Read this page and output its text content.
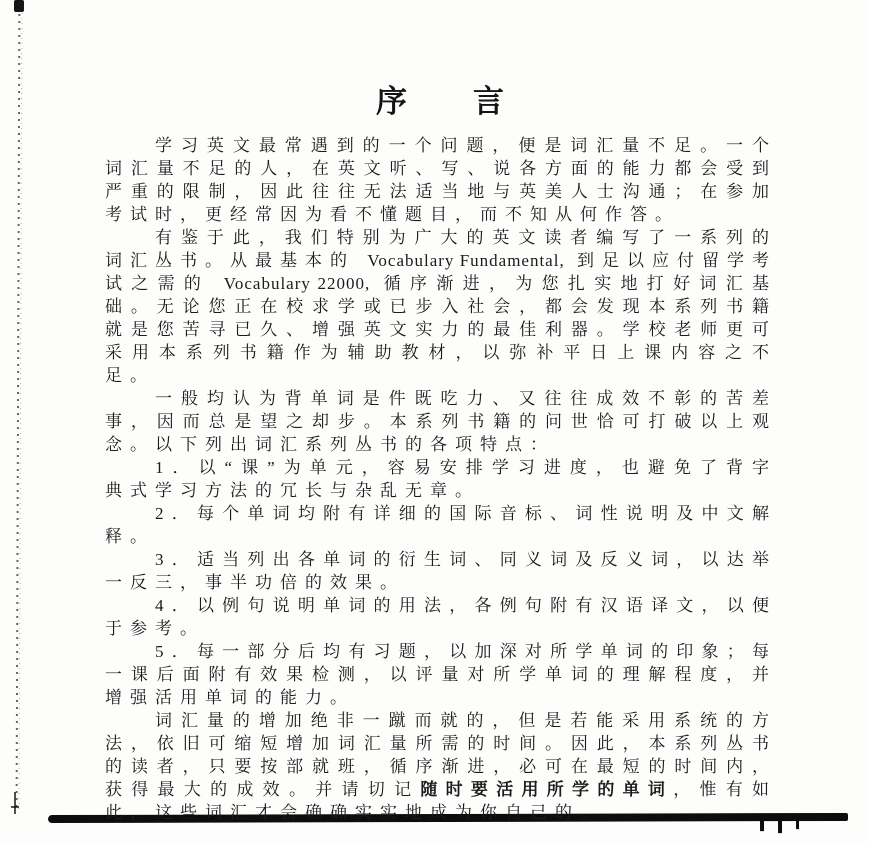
序 言

学习英文最常遇到的一个问题，便是词汇量不足。一个词汇量不足的人，在英文听、写、说各方面的能力都会受到严重的限制，因此往往无法适当地与英美人士沟通；在参加考试时，更经常因为看不懂题目，而不知从何作答。

有鉴于此，我们特别为广大的英文读者编写了一系列的词汇丛书。从最基本的 Vocabulary Fundamental, 到足以应付留学考试之需的 Vocabulary 22000, 循序渐进，为您扎实地打好词汇基础。无论您正在校求学或已步入社会，都会发现本系列书籍就是您苦寻已久、增强英文实力的最佳利器。学校老师更可采用本系列书籍作为辅助教材，以弥补平日上课内容之不足。

一般均认为背单词是件既吃力、又往往成效不彰的苦差事，因而总是望之却步。本系列书籍的问世恰可打破以上观念。以下列出词汇系列丛书的各项特点：

1．以“课”为单元，容易安排学习进度，也避免了背字典式学习方法的冗长与杂乱无章。

2．每个单词均附有详细的国际音标、词性说明及中文解释。

3．适当列出各单词的衍生词、同义词及反义词，以达举一反三，事半功倍的效果。

4．以例句说明单词的用法，各例句附有汉语译文，以便于参考。

5．每一部分后均有习题，以加深对所学单词的印象；每一课后面附有效果检测，以评量对所学单词的理解程度，并增强活用单词的能力。

词汇量的增加绝非一蹴而就的，但是若能采用系统的方法，依旧可缩短增加词汇量所需的时间。因此，本系列丛书的读者，只要按部就班，循序渐进，必可在最短的时间内，获得最大的成效。并请切记随时要活用所学的单词，惟有如此，这些词汇才会确确实实地成为你自己的。
